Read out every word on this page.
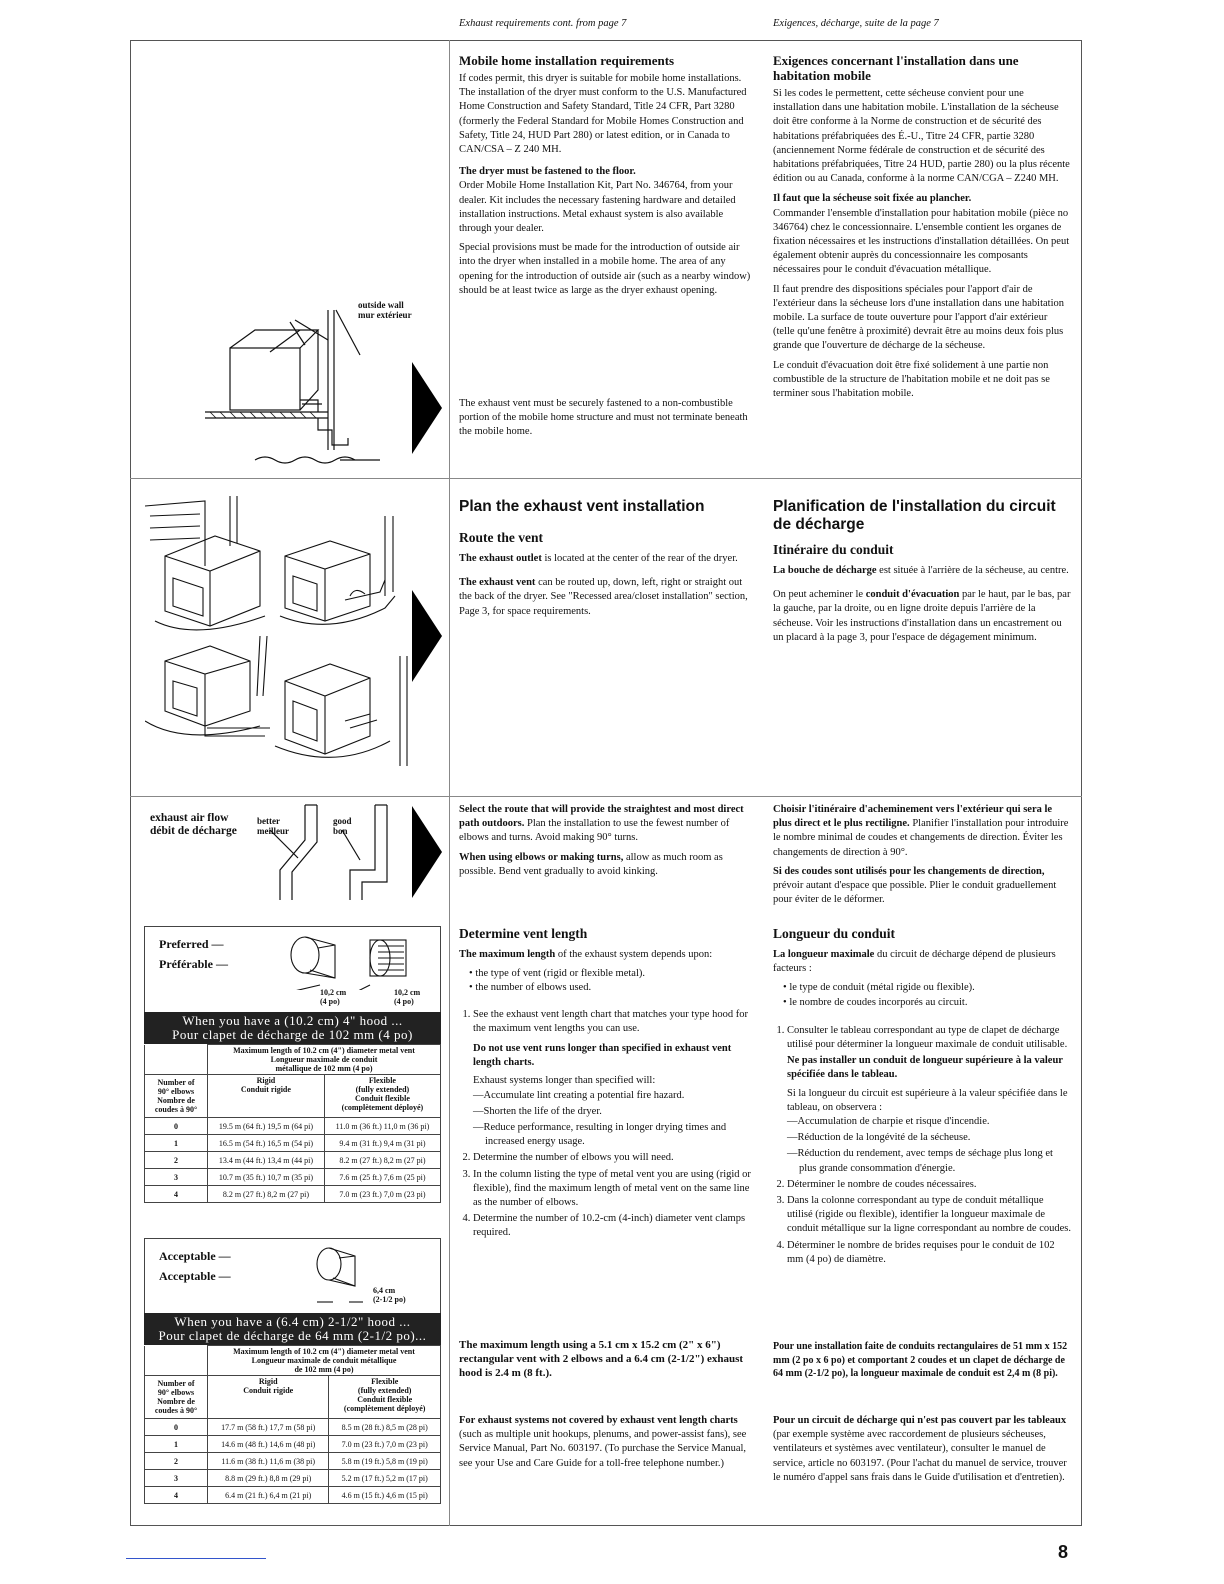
Exhaust requirements cont. from page 7	Exigences, décharge, suite de la page 7
Mobile home installation requirements

If codes permit, this dryer is suitable for mobile home installations. The installation of the dryer must conform to the U.S. Manufactured Home Construction and Safety Standard, Title 24 CFR, Part 3280 (formerly the Federal Standard for Mobile Homes Construction and Safety, Title 24, HUD Part 280) or latest edition, or in Canada to CAN/CSA – Z 240 MH.

The dryer must be fastened to the floor.
Order Mobile Home Installation Kit, Part No. 346764, from your dealer. Kit includes the necessary fastening hardware and detailed installation instructions. Metal exhaust system is also available through your dealer.

Special provisions must be made for the introduction of outside air into the dryer when installed in a mobile home. The area of any opening for the introduction of outside air (such as a nearby window) should be at least twice as large as the dryer exhaust opening.

The exhaust vent must be securely fastened to a non-combustible portion of the mobile home structure and must not terminate beneath the mobile home.

Exigences concernant l'installation dans une habitation mobile

Si les codes le permettent, cette sécheuse convient pour une installation dans une habitation mobile. L'installation de la sécheuse doit être conforme à la Norme de construction et de sécurité des habitations préfabriquées des É.-U., Titre 24 CFR, partie 3280 (anciennement Norme fédérale de construction et de sécurité des habitations préfabriquées, Titre 24 HUD, partie 280) ou la plus récente édition ou au Canada, conforme à la norme CAN/CGA – Z240 MH.

Il faut que la sécheuse soit fixée au plancher.
Commander l'ensemble d'installation pour habitation mobile (pièce no 346764) chez le concessionnaire. L'ensemble contient les organes de fixation nécessaires et les instructions d'installation détaillées. On peut également obtenir auprès du concessionnaire les composants nécessaires pour le conduit d'évacuation métallique.

Il faut prendre des dispositions spéciales pour l'apport d'air de l'extérieur dans la sécheuse lors d'une installation dans une habitation mobile. La surface de toute ouverture pour l'apport d'air extérieur (telle qu'une fenêtre à proximité) devrait être au moins deux fois plus grande que l'ouverture de décharge de la sécheuse.

Le conduit d'évacuation doit être fixé solidement à une partie non combustible de la structure de l'habitation mobile et ne doit pas se terminer sous l'habitation mobile.

outside wall
mur extérieur
Plan the exhaust vent installation
Route the vent

The exhaust outlet is located at the center of the rear of the dryer.

The exhaust vent can be routed up, down, left, right or straight out the back of the dryer. See "Recessed area/closet installation" section, Page 3, for space requirements.

Planification de l'installation du circuit de décharge
Itinéraire du conduit

La bouche de décharge est située à l'arrière de la sécheuse, au centre.

On peut acheminer le conduit d'évacuation par le haut, par le bas, par la gauche, par la droite, ou en ligne droite depuis l'arrière de la sécheuse. Voir les instructions d'installation dans un encastrement ou un placard à la page 3, pour l'espace de dégagement minimum.

Select the route that will provide the straightest and most direct path outdoors. Plan the installation to use the fewest number of elbows and turns. Avoid making 90° turns.

When using elbows or making turns, allow as much room as possible. Bend vent gradually to avoid kinking.

Choisir l'itinéraire d'acheminement vers l'extérieur qui sera le plus direct et le plus rectiligne. Planifier l'installation pour introduire le nombre minimal de coudes et changements de direction. Éviter les changements de direction à 90°.

Si des coudes sont utilisés pour les changements de direction, prévoir autant d'espace que possible. Plier le conduit graduellement pour éviter de le déformer.

exhaust air flow
débit de décharge
better
meilleur
good
bon
Determine vent length

The maximum length of the exhaust system depends upon:

• the type of vent (rigid or flexible metal).
• the number of elbows used.
1. See the exhaust vent length chart that matches your type hood for the maximum vent lengths you can use.
Do not use vent runs longer than specified in exhaust vent length charts.
Exhaust systems longer than specified will:
— Accumulate lint creating a potential fire hazard.
— Shorten the life of the dryer.
— Reduce performance, resulting in longer drying times and increased energy usage.
2. Determine the number of elbows you will need.
3. In the column listing the type of metal vent you are using (rigid or flexible), find the maximum length of metal vent on the same line as the number of elbows.
4. Determine the number of 10.2-cm (4-inch) diameter vent clamps required.
Longueur du conduit

La longueur maximale du circuit de décharge dépend de plusieurs facteurs :

• le type de conduit (métal rigide ou flexible).
• le nombre de coudes incorporés au circuit.
1. Consulter le tableau correspondant au type de clapet de décharge utilisé pour déterminer la longueur maximale de conduit utilisable.
Ne pas installer un conduit de longueur supérieure à la valeur spécifiée dans le tableau.
Si la longueur du circuit est supérieure à la valeur spécifiée dans le tableau, on observera :
— Accumulation de charpie et risque d'incendie.
— Réduction de la longévité de la sécheuse.
— Réduction du rendement, avec temps de séchage plus long et plus grande consommation d'énergie.
2. Déterminer le nombre de coudes nécessaires.
3. Dans la colonne correspondant au type de conduit métallique utilisé (rigide ou flexible), identifier la longueur maximale de conduit métallique sur la ligne correspondant au nombre de coudes.
4. Déterminer le nombre de brides requises pour le conduit de 102 mm (4 po) de diamètre.

The maximum length using a 5.1 cm x 15.2 cm (2" x 6") rectangular vent with 2 elbows and a 6.4 cm (2-1/2") exhaust hood is 2.4 m (8 ft.).

Pour une installation faite de conduits rectangulaires de 51 mm x 152 mm (2 po x 6 po) et comportant 2 coudes et un clapet de décharge de 64 mm (2-1/2 po), la longueur maximale de conduit est 2,4 m (8 pi).

For exhaust systems not covered by exhaust vent length charts (such as multiple unit hookups, plenums, and power-assist fans), see Service Manual, Part No. 603197. (To purchase the Service Manual, see your Use and Care Guide for a toll-free telephone number.)

Pour un circuit de décharge qui n'est pas couvert par les tableaux (par exemple système avec raccordement de plusieurs sécheuses, ventilateurs et systèmes avec ventilateur), consulter le manuel de service, article no 603197. (Pour l'achat du manuel de service, trouver le numéro d'appel sans frais dans le Guide d'utilisation et d'entretien).

Preferred —
Préférable —
10,2 cm
(4 po)
10,2 cm
(4 po)
When you have a (10.2 cm) 4" hood ...
Pour clapet de décharge de 102 mm (4 po)
	Maximum length of 10.2 cm (4") diameter metal vent
Longueur maximale de conduit
métallique de 102 mm (4 po)	
Number of
90° elbows
Nombre de
coudes à 90°	Rigid
Conduit rigide	Flexible
(fully extended)
Conduit flexible
(complètement déployé)
0	19.5 m (64 ft.) 19,5 m (64 pi)	11.0 m (36 ft.) 11,0 m (36 pi)
1	16.5 m (54 ft.) 16,5 m (54 pi)	9.4 m (31 ft.) 9,4 m (31 pi)
2	13.4 m (44 ft.) 13,4 m (44 pi)	8.2 m (27 ft.) 8,2 m (27 pi)
3	10.7 m (35 ft.) 10,7 m (35 pi)	7.6 m (25 ft.) 7,6 m (25 pi)
4	8.2 m (27 ft.) 8,2 m (27 pi)	7.0 m (23 ft.) 7,0 m (23 pi)
Acceptable —
Acceptable —
6,4 cm
(2-1/2 po)
When you have a (6.4 cm) 2-1/2" hood ...
Pour clapet de décharge de 64 mm (2-1/2 po)...
	Maximum length of 10.2 cm (4") diameter metal vent
Longueur maximale de conduit métallique
de 102 mm (4 po)	
Number of
90° elbows
Nombre de
coudes à 90°	Rigid
Conduit rigide	Flexible
(fully extended)
Conduit flexible
(complètement déployé)
0	17.7 m (58 ft.) 17,7 m (58 pi)	8.5 m (28 ft.) 8,5 m (28 pi)
1	14.6 m (48 ft.) 14,6 m (48 pi)	7.0 m (23 ft.) 7,0 m (23 pi)
2	11.6 m (38 ft.) 11,6 m (38 pi)	5.8 m (19 ft.) 5,8 m (19 pi)
3	8.8 m (29 ft.) 8,8 m (29 pi)	5.2 m (17 ft.) 5,2 m (17 pi)
4	6.4 m (21 ft.) 6,4 m (21 pi)	4.6 m (15 ft.) 4,6 m (15 pi)
8
